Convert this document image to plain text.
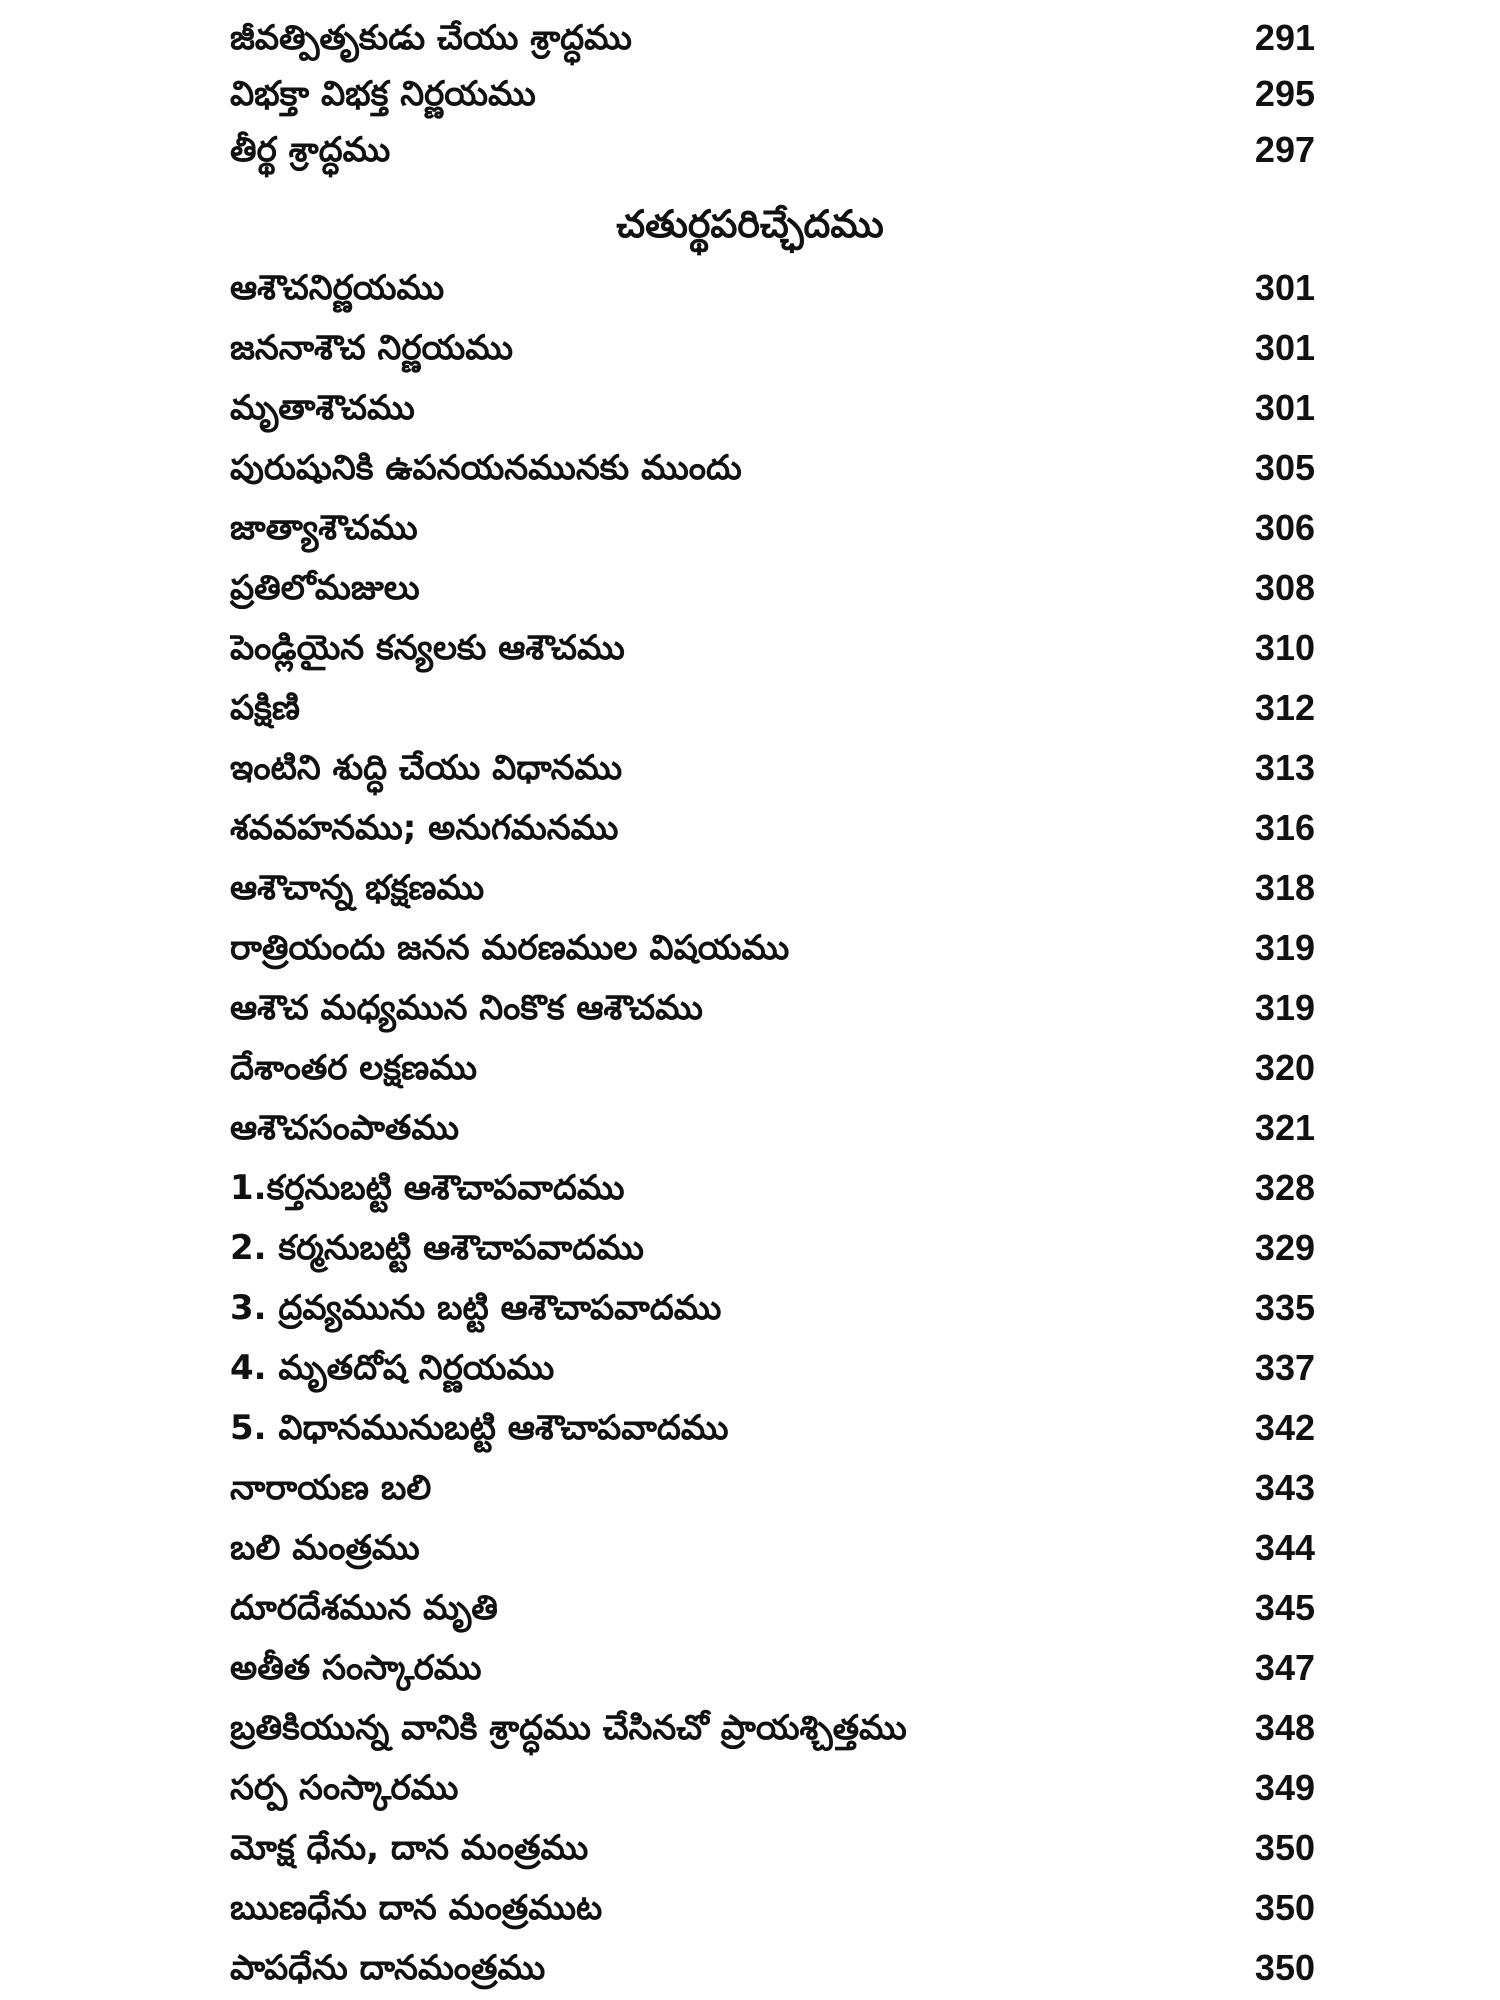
జీవత్పితృకుడు చేయు శ్రాద్ధము	291
విభక్తా విభక్త నిర్ణయము	295
తీర్థ శ్రాద్ధము	297
చతుర్థపరిచ్ఛేదము
ఆశౌచనిర్ణయము	301
జననాశౌచ నిర్ణయము	301
మృతాశౌచము	301
పురుషునికి ఉపనయనమునకు ముందు	305
జాత్యాశౌచము	306
ప్రతిలోమజులు	308
పెండ్లియైన కన్యలకు ఆశౌచము	310
పక్షిణి	312
ఇంటిని శుద్ధి చేయు విధానము	313
శవవహనము; అనుగమనము	316
ఆశౌచాన్న భక్షణము	318
రాత్రియందు జనన మరణముల విషయము	319
ఆశౌచ మధ్యమున నింకొక ఆశౌచము	319
దేశాంతర లక్షణము	320
ఆశౌచసంపాతము	321
1.కర్తనుబట్టి ఆశౌచాపవాదము	328
2. కర్మనుబట్టి ఆశౌచాపవాదము	329
3. ద్రవ్యమును బట్టి ఆశౌచాపవాదము	335
4. మృతదోష నిర్ణయము	337
5. విధానమునుబట్టి ఆశౌచాపవాదము	342
నారాయణ బలి	343
బలి మంత్రము	344
దూరదేశమున మృతి	345
అతీత సంస్కారము	347
బ్రతికియున్న వానికి శ్రాద్ధము చేసినచో ప్రాయశ్చిత్తము	348
సర్ప సంస్కారము	349
మోక్ష ధేను, దాన మంత్రము	350
ఋణధేను దాన మంత్రముట	350
పాపధేను దానమంత్రము	350
